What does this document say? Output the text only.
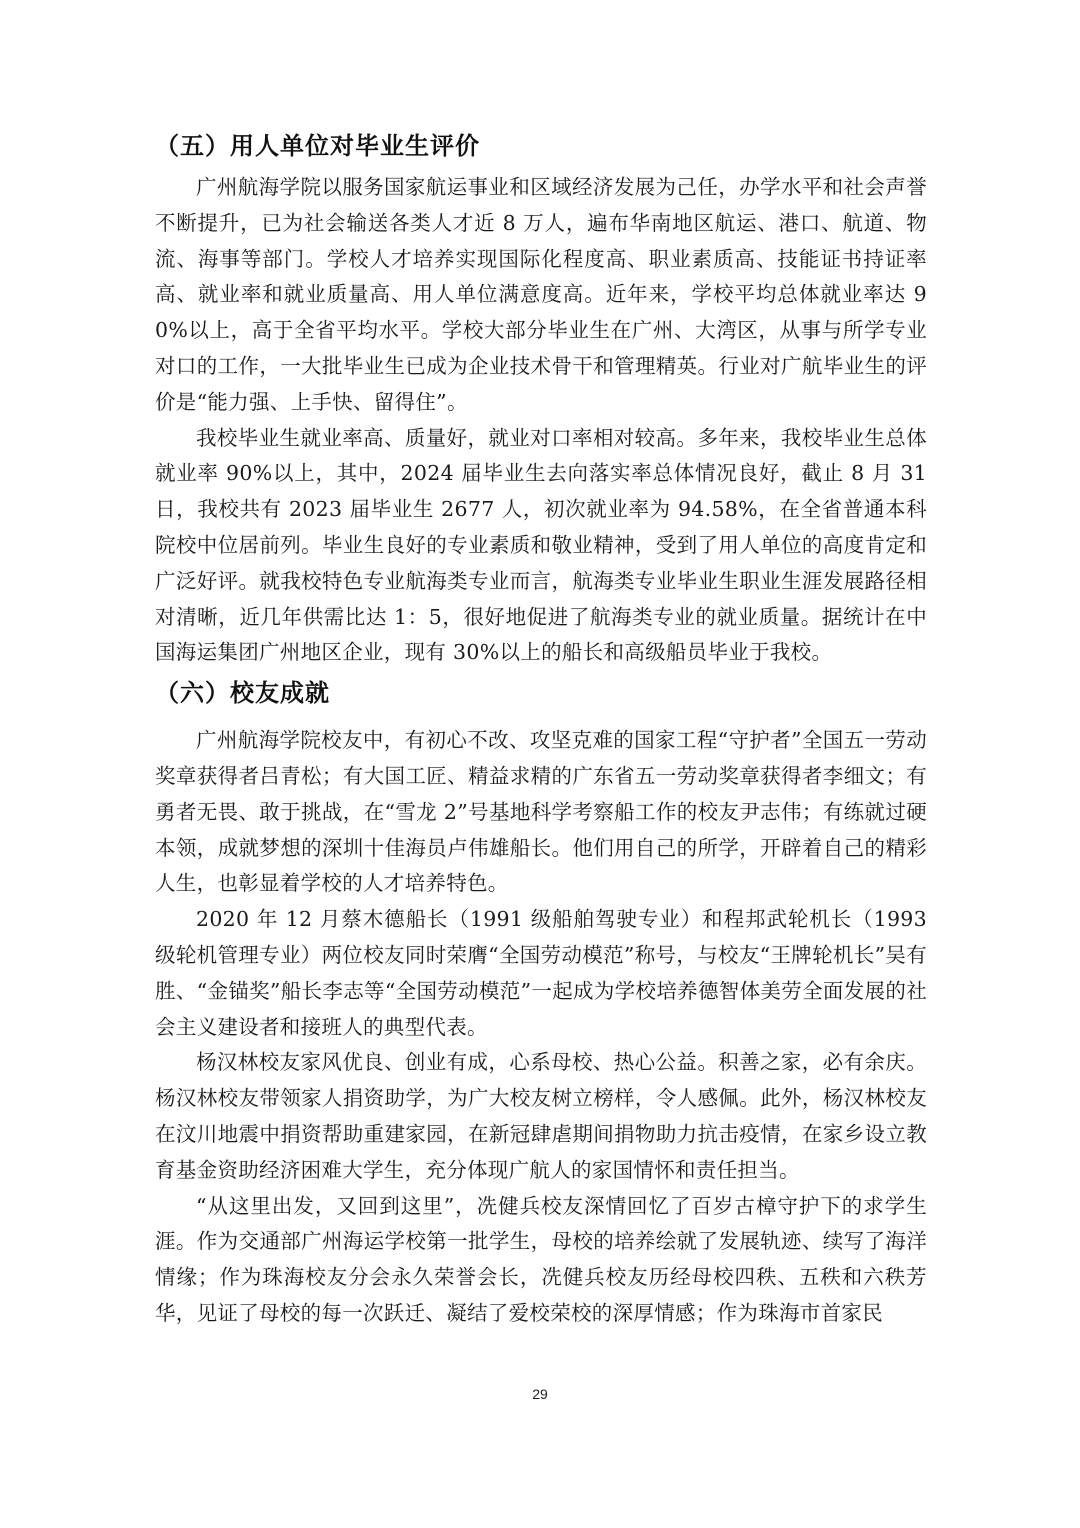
（五）用人单位对毕业生评价

广州航海学院以服务国家航运事业和区域经济发展为己任，办学水平和社会声誉不断提升，已为社会输送各类人才近 8 万人，遍布华南地区航运、港口、航道、物流、海事等部门。学校人才培养实现国际化程度高、职业素质高、技能证书持证率高、就业率和就业质量高、用人单位满意度高。近年来，学校平均总体就业率达 90%以上，高于全省平均水平。学校大部分毕业生在广州、大湾区，从事与所学专业对口的工作，一大批毕业生已成为企业技术骨干和管理精英。行业对广航毕业生的评价是“能力强、上手快、留得住”。

我校毕业生就业率高、质量好，就业对口率相对较高。多年来，我校毕业生总体就业率 90%以上，其中，2024 届毕业生去向落实率总体情况良好，截止 8 月 31 日，我校共有 2023 届毕业生 2677 人，初次就业率为 94.58%，在全省普通本科院校中位居前列。毕业生良好的专业素质和敬业精神，受到了用人单位的高度肯定和广泛好评。就我校特色专业航海类专业而言，航海类专业毕业生职业生涯发展路径相对清晰，近几年供需比达 1：5，很好地促进了航海类专业的就业质量。据统计在中国海运集团广州地区企业，现有 30%以上的船长和高级船员毕业于我校。

（六）校友成就

广州航海学院校友中，有初心不改、攻坚克难的国家工程“守护者”全国五一劳动奖章获得者吕青松；有大国工匠、精益求精的广东省五一劳动奖章获得者李细文；有勇者无畏、敢于挑战，在“雪龙 2”号基地科学考察船工作的校友尹志伟；有练就过硬本领，成就梦想的深圳十佳海员卢伟雄船长。他们用自己的所学，开辟着自己的精彩人生，也彰显着学校的人才培养特色。

2020 年 12 月蔡木德船长（1991 级船舶驾驶专业）和程邦武轮机长（1993 级轮机管理专业）两位校友同时荣膺“全国劳动模范”称号，与校友“王牌轮机长”吴有胜、“金锚奖”船长李志等“全国劳动模范”一起成为学校培养德智体美劳全面发展的社会主义建设者和接班人的典型代表。

杨汉林校友家风优良、创业有成，心系母校、热心公益。积善之家，必有余庆。杨汉林校友带领家人捐资助学，为广大校友树立榜样，令人感佩。此外，杨汉林校友在汶川地震中捐资帮助重建家园，在新冠肆虐期间捐物助力抗击疫情，在家乡设立教育基金资助经济困难大学生，充分体现广航人的家国情怀和责任担当。

“从这里出发，又回到这里”，冼健兵校友深情回忆了百岁古樟守护下的求学生涯。作为交通部广州海运学校第一批学生，母校的培养绘就了发展轨迹、续写了海洋情缘；作为珠海校友分会永久荣誉会长，冼健兵校友历经母校四秩、五秩和六秩芳华，见证了母校的每一次跃迁、凝结了爱校荣校的深厚情感；作为珠海市首家民

29
